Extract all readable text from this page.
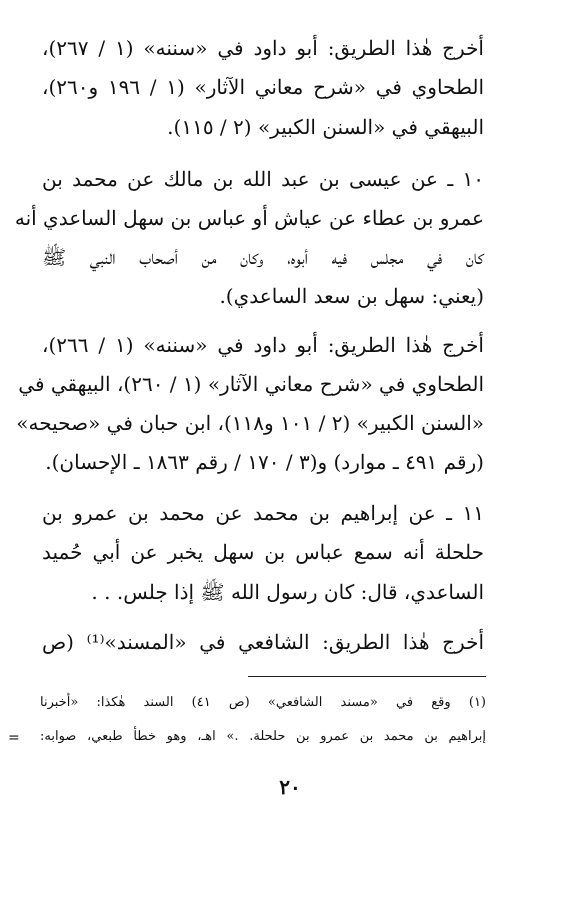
أخرج هٰذا الطريق: أبو داود في «سننه» (١ / ٢٦٧)،
الطحاوي في «شرح معاني الآثار» (١ / ١٩٦ و٢٦٠)،
البيهقي في «السنن الكبير» (٢ / ١١٥).
١٠ ـ عن عيسى بن عبد الله بن مالك عن محمد بن
عمرو بن عطاء عن عياش أو عباس بن سهل الساعدي أنه
كان في مجلس فيه أبوه، وكان من أصحاب النبي ﷺ
(يعني: سهل بن سعد الساعدي).
أخرج هٰذا الطريق: أبو داود في «سننه» (١ / ٢٦٦)،
الطحاوي في «شرح معاني الآثار» (١ / ٢٦٠)، البيهقي في
«السنن الكبير» (٢ / ١٠١ و١١٨)، ابن حبان في «صحيحه»
(رقم ٤٩١ ـ موارد) و(٣ / ١٧٠ / رقم ١٨٦٣ ـ الإحسان).
١١ ـ عن إبراهيم بن محمد عن محمد بن عمرو بن
حلحلة أنه سمع عباس بن سهل يخبر عن أبي حُميد
الساعدي، قال: كان رسول الله ﷺ إذا جلس. . .
أخرج هٰذا الطريق: الشافعي في «المسند»⁽¹⁾ (ص
(١) وقع في «مسند الشافعي» (ص ٤١) السند هٰكذا: «أخبرنا
إبراهيم بن محمد بن عمرو بن حلحلة. .» اهـ، وهو خطأ طبعي، صوابه:
=
٢٠
